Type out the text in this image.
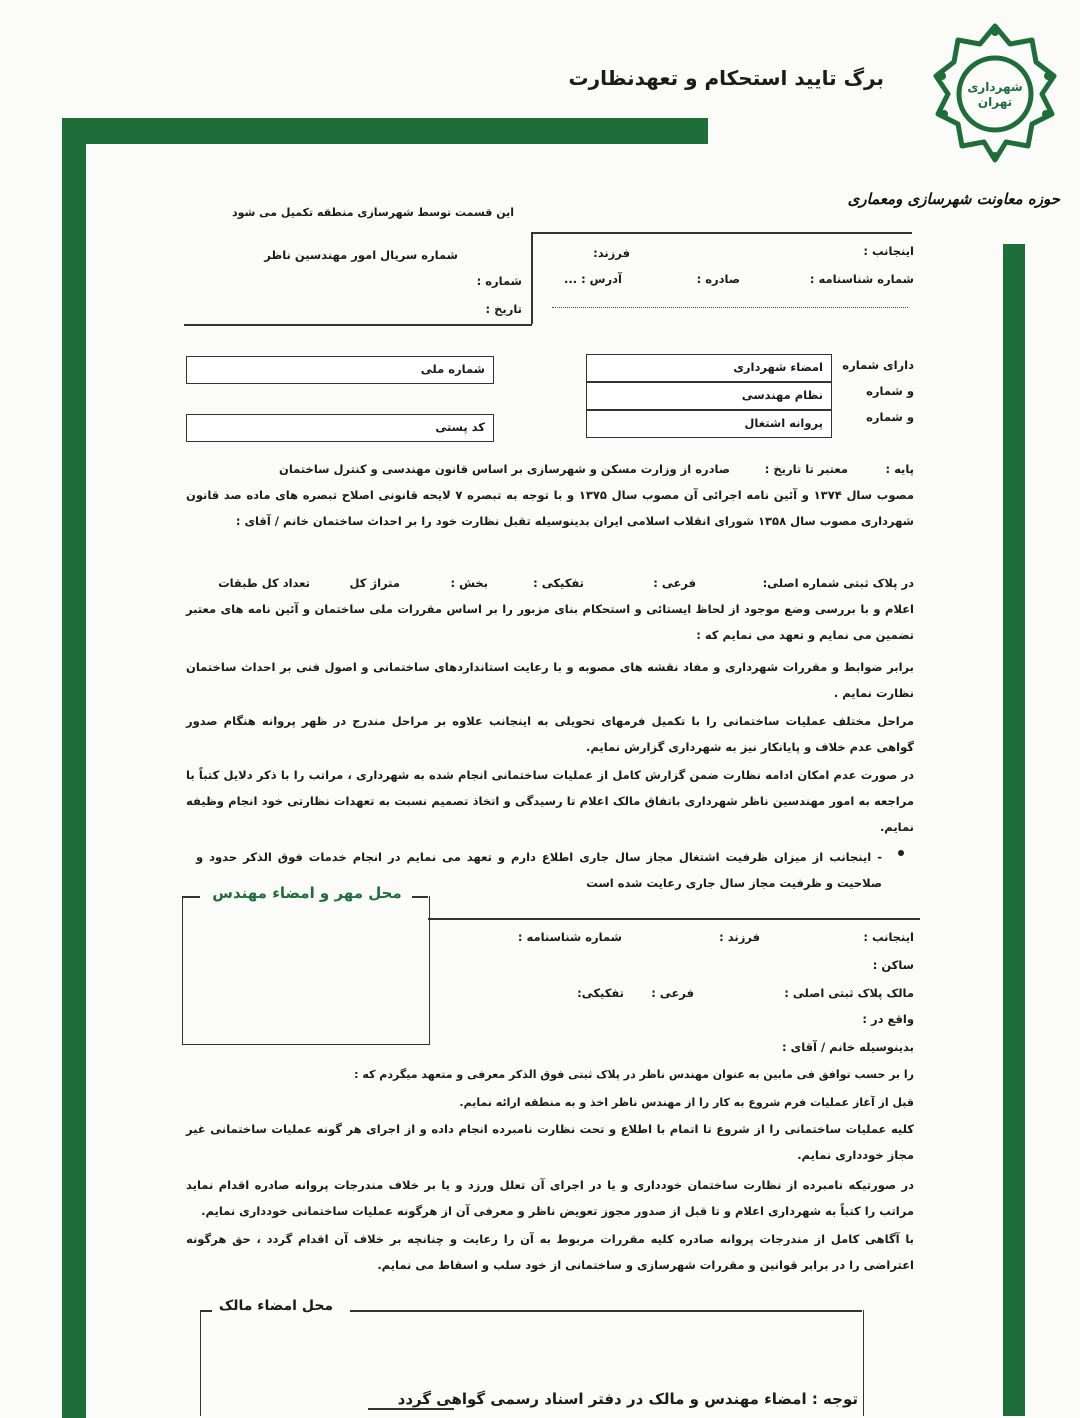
شهرداری تهران
برگ تایید استحکام و تعهدنظارت
حوزه معاونت شهرسازی ومعماری
این قسمت توسط شهرسازی منطقه تکمیل می شود
شماره سریال امور مهندسین ناظر
شماره :
تاریخ :
اینجانب :
فرزند:
شماره شناسنامه :
صادره :
آدرس : ...
دارای شماره
و شماره
و شماره
امضاء شهرداری
نظام مهندسی
پروانه اشتغال
شماره ملی
کد پستی
پایه :
معتبر تا تاریخ :
صادره از وزارت مسکن و شهرسازی بر اساس قانون مهندسی و کنترل ساختمان
مصوب سال ۱۳۷۴ و آئین نامه اجرائی آن مصوب سال ۱۳۷۵ و با توجه به تبصره ۷ لایحه قانونی اصلاح تبصره های ماده صد قانون شهرداری مصوب سال ۱۳۵۸ شورای انقلاب اسلامی ایران بدینوسیله تقبل نظارت خود را بر احداث ساختمان خانم / آقای :
در پلاک ثبتی شماره اصلی:
فرعی :
تفکیکی :
بخش :
متراژ کل
تعداد کل طبقات
اعلام و با بررسی وضع موجود از لحاظ ایستائی و استحکام بنای مزبور را بر اساس مقررات ملی ساختمان و آئین نامه های معتبر تضمین می نمایم و تعهد می نمایم که :
برابر ضوابط و مقررات شهرداری و مفاد نقشه های مصوبه و با رعایت استانداردهای ساختمانی و اصول فنی بر احداث ساختمان نظارت نمایم .
مراحل مختلف عملیات ساختمانی را با تکمیل فرمهای تحویلی به اینجانب علاوه بر مراحل مندرج در ظهر پروانه هنگام صدور گواهی عدم خلاف و پایانکار نیز به شهرداری گزارش نمایم.
در صورت عدم امکان ادامه نظارت ضمن گزارش کامل از عملیات ساختمانی انجام شده به شهرداری ، مراتب را با ذکر دلایل کتباً با مراجعه به امور مهندسین ناظر شهرداری باتفاق مالک اعلام تا رسیدگی و اتخاذ تصمیم نسبت به تعهدات نظارتی خود انجام وظیفه نمایم.
- اینجانب از میزان ظرفیت اشتغال مجاز سال جاری اطلاع دارم و تعهد می نمایم در انجام خدمات فوق الذکر حدود و صلاحیت و ظرفیت مجاز سال جاری رعایت شده است
محل مهر و امضاء مهندس
اینجانب :
فرزند :
شماره شناسنامه :
ساکن :
مالک پلاک ثبتی اصلی :
فرعی :
تفکیکی:
واقع در :
بدینوسیله خانم / آقای :
را بر حسب توافق فی مابین به عنوان مهندس ناظر در پلاک ثبتی فوق الذکر معرفی و متعهد میگردم که :
قبل از آغاز عملیات فرم شروع به کار را از مهندس ناظر اخذ و به منطقه ارائه نمایم.
کلیه عملیات ساختمانی را از شروع تا اتمام با اطلاع و تحت نظارت نامبرده انجام داده و از اجرای هر گونه عملیات ساختمانی غیر مجاز خودداری نمایم.
در صورتیکه نامبرده از نظارت ساختمان خودداری و یا در اجرای آن تعلل ورزد و یا بر خلاف مندرجات پروانه صادره اقدام نماید مراتب را کتباً به شهرداری اعلام و تا قبل از صدور مجوز تعویض ناظر و معرفی آن از هرگونه عملیات ساختمانی خودداری نمایم.
با آگاهی کامل از مندرجات پروانه صادره کلیه مقررات مربوط به آن را رعایت و چنانچه بر خلاف آن اقدام گردد ، حق هرگونه اعتراضی را در برابر قوانین و مقررات شهرسازی و ساختمانی از خود سلب و اسقاط می نمایم.
محل امضاء مالک
توجه : امضاء مهندس و مالک در دفتر اسناد رسمی گواهی گردد
